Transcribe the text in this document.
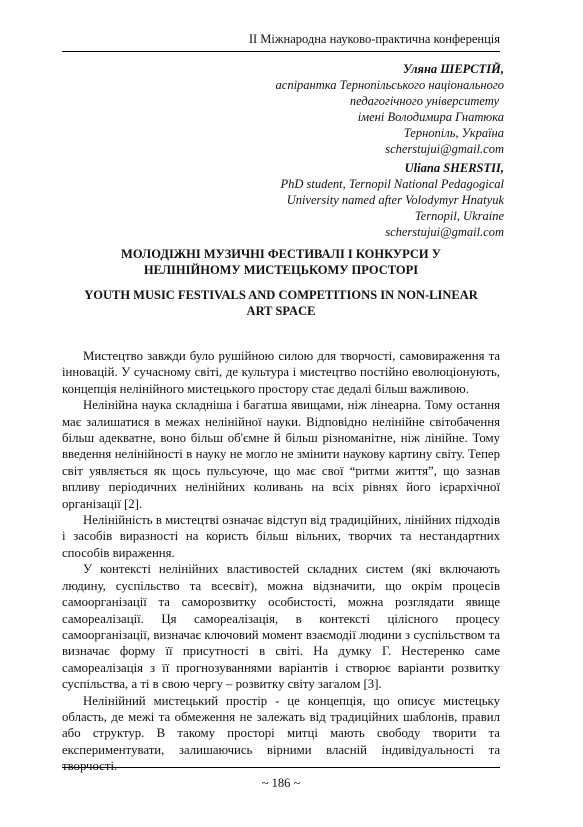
ІІ Міжнародна науково-практична конференція
Уляна ШЕРСТІЙ,
аспірантка Тернопільського національного
педагогічного університету
імені Володимира Гнатюка
Тернопіль, Україна
scherstujui@gmail.com
Uliana SHERSTII,
PhD student, Ternopil National Pedagogical
University named after Volodymyr Hnatyuk
Ternopil, Ukraine
scherstujui@gmail.com
МОЛОДІЖНІ МУЗИЧНІ ФЕСТИВАЛІ І КОНКУРСИ У
НЕЛІНІЙНОМУ МИСТЕЦЬКОМУ ПРОСТОРІ
YOUTH MUSIC FESTIVALS AND COMPETITIONS IN NON-LINEAR
ART SPACE

Мистецтво завжди було рушійною силою для творчості, самовираження та інновацій. У сучасному світі, де культура і мистецтво постійно еволюціонують, концепція нелінійного мистецького простору стає дедалі більш важливою.

Нелінійна наука складніша і багатша явищами, ніж лінеарна. Тому остання має залишатися в межах нелінійної науки. Відповідно нелінійне світобачення більш адекватне, воно більш об'ємне й більш різноманітне, ніж лінійне. Тому введення нелінійності в науку не могло не змінити наукову картину світу. Тепер світ уявляється як щось пульсуюче, що має свої “ритми життя”, що зазнав впливу періодичних нелінійних коливань на всіх рівнях його ієрархічної організації [2].

Нелінійність в мистецтві означає відступ від традиційних, лінійних підходів і засобів виразності на користь більш вільних, творчих та нестандартних способів вираження.

У контексті нелінійних властивостей складних систем (які включають людину, суспільство та всесвіт), можна відзначити, що окрім процесів самоорганізації та саморозвитку особистості, можна розглядати явище самореалізації. Ця самореалізація, в контексті цілісного процесу самоорганізації, визначає ключовий момент взаємодії людини з суспільством та визначає форму її присутності в світі. На думку Г. Нестеренко саме самореалізація з її прогнозуваннями варіантів і створює варіанти розвитку суспільства, а ті в свою чергу – розвитку світу загалом [3].

Нелінійний мистецький простір - це концепція, що описує мистецьку область, де межі та обмеження не залежать від традиційних шаблонів, правил або структур. В такому просторі митці мають свободу творити та експериментувати, залишаючись вірними власній індивідуальності та творчості.

~ 186 ~
